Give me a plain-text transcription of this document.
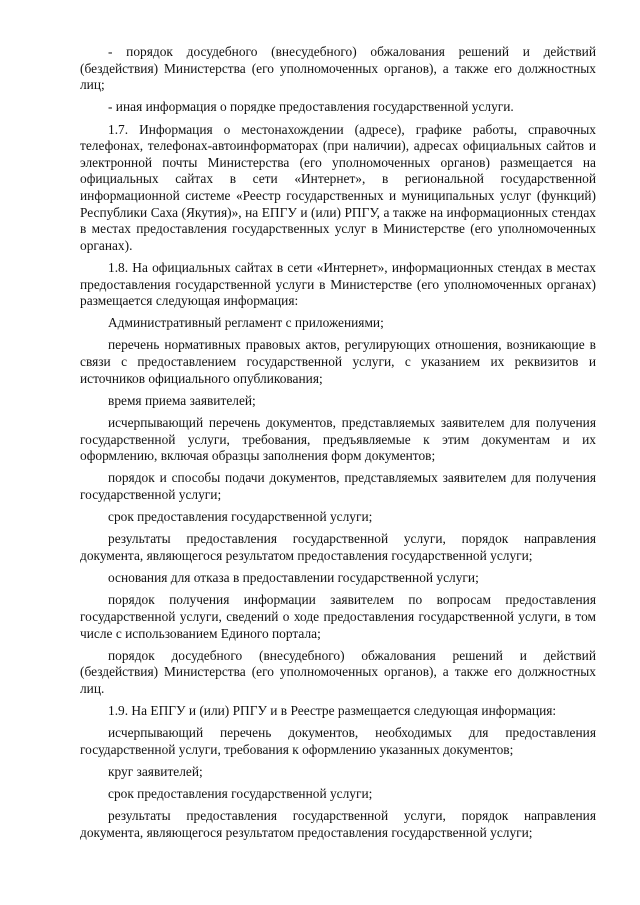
- порядок досудебного (внесудебного) обжалования решений и действий (бездействия) Министерства (его уполномоченных органов), а также его должностных лиц;

- иная информация о порядке предоставления государственной услуги.

1.7. Информация о местонахождении (адресе), графике работы, справочных телефонах, телефонах-автоинформаторах (при наличии), адресах официальных сайтов и электронной почты Министерства (его уполномоченных органов) размещается на официальных сайтах в сети «Интернет», в региональной государственной информационной системе «Реестр государственных и муниципальных услуг (функций) Республики Саха (Якутия)», на ЕПГУ и (или) РПГУ, а также на информационных стендах в местах предоставления государственных услуг в Министерстве (его уполномоченных органах).

1.8. На официальных сайтах в сети «Интернет», информационных стендах в местах предоставления государственной услуги в Министерстве (его уполномоченных органах) размещается следующая информация:

Административный регламент с приложениями;

перечень нормативных правовых актов, регулирующих отношения, возникающие в связи с предоставлением государственной услуги, с указанием их реквизитов и источников официального опубликования;

время приема заявителей;

исчерпывающий перечень документов, представляемых заявителем для получения государственной услуги, требования, предъявляемые к этим документам и их оформлению, включая образцы заполнения форм документов;

порядок и способы подачи документов, представляемых заявителем для получения государственной услуги;

срок предоставления государственной услуги;

результаты предоставления государственной услуги, порядок направления документа, являющегося результатом предоставления государственной услуги;

основания для отказа в предоставлении государственной услуги;

порядок получения информации заявителем по вопросам предоставления государственной услуги, сведений о ходе предоставления государственной услуги, в том числе с использованием Единого портала;

порядок досудебного (внесудебного) обжалования решений и действий (бездействия) Министерства (его уполномоченных органов), а также его должностных лиц.

1.9. На ЕПГУ и (или) РПГУ и в Реестре размещается следующая информация:

исчерпывающий перечень документов, необходимых для предоставления государственной услуги, требования к оформлению указанных документов;

круг заявителей;

срок предоставления государственной услуги;

результаты предоставления государственной услуги, порядок направления документа, являющегося результатом предоставления государственной услуги;
